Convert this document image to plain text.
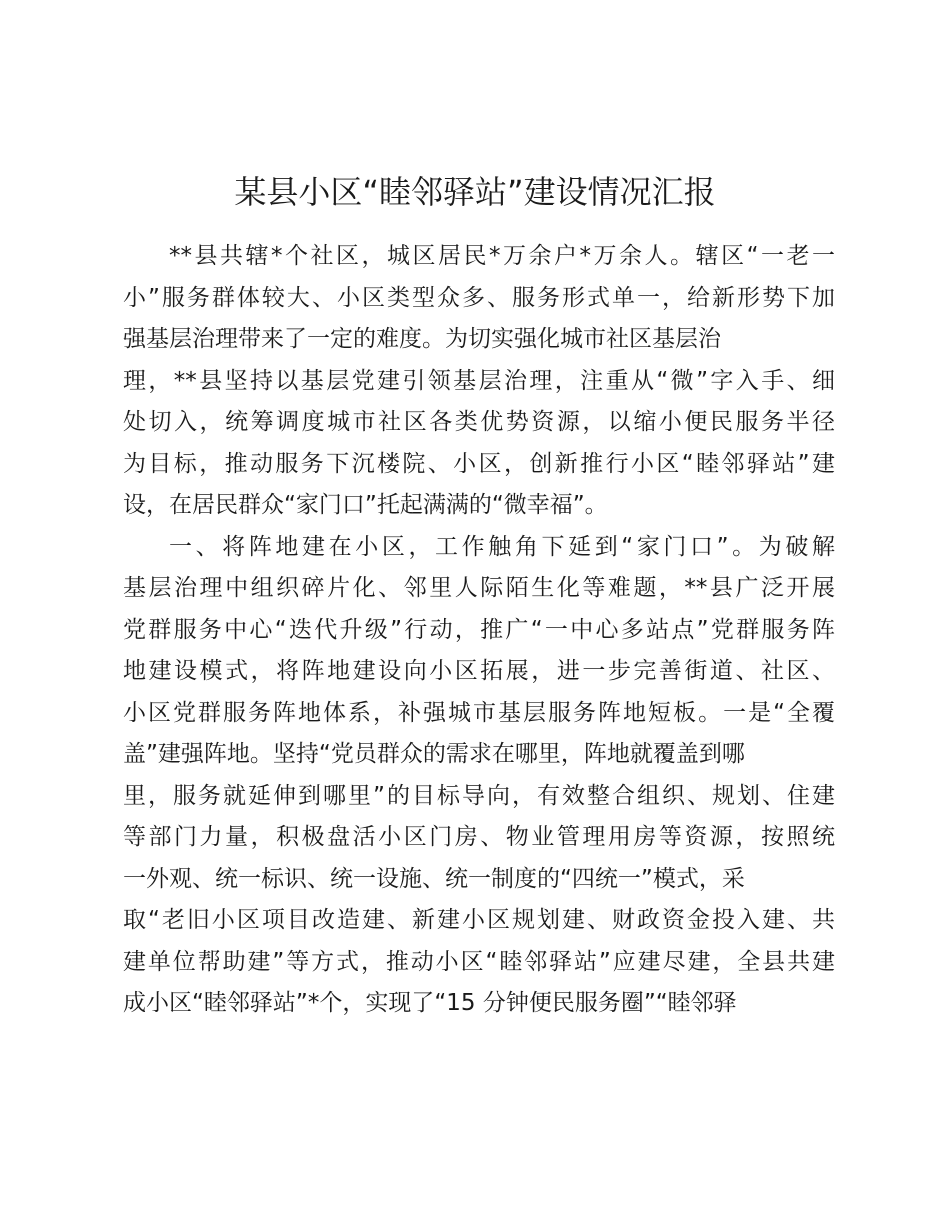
某县小区“睦邻驿站”建设情况汇报
**县共辖*个社区，城区居民*万余户*万余人。辖区“一老一
小”服务群体较大、小区类型众多、服务形式单一，给新形势下加
强基层治理带来了一定的难度。为切实强化城市社区基层治
理，**县坚持以基层党建引领基层治理，注重从“微”字入手、细
处切入，统筹调度城市社区各类优势资源，以缩小便民服务半径
为目标，推动服务下沉楼院、小区，创新推行小区“睦邻驿站”建
设，在居民群众“家门口”托起满满的“微幸福”。
一、将阵地建在小区，工作触角下延到“家门口”。为破解
基层治理中组织碎片化、邻里人际陌生化等难题，**县广泛开展
党群服务中心“迭代升级”行动，推广“一中心多站点”党群服务阵
地建设模式，将阵地建设向小区拓展，进一步完善街道、社区、
小区党群服务阵地体系，补强城市基层服务阵地短板。一是“全覆
盖”建强阵地。坚持“党员群众的需求在哪里，阵地就覆盖到哪
里，服务就延伸到哪里”的目标导向，有效整合组织、规划、住建
等部门力量，积极盘活小区门房、物业管理用房等资源，按照统
一外观、统一标识、统一设施、统一制度的“四统一”模式，采
取“老旧小区项目改造建、新建小区规划建、财政资金投入建、共
建单位帮助建”等方式，推动小区“睦邻驿站”应建尽建，全县共建
成小区“睦邻驿站”*个，实现了“15 分钟便民服务圈”“睦邻驿
